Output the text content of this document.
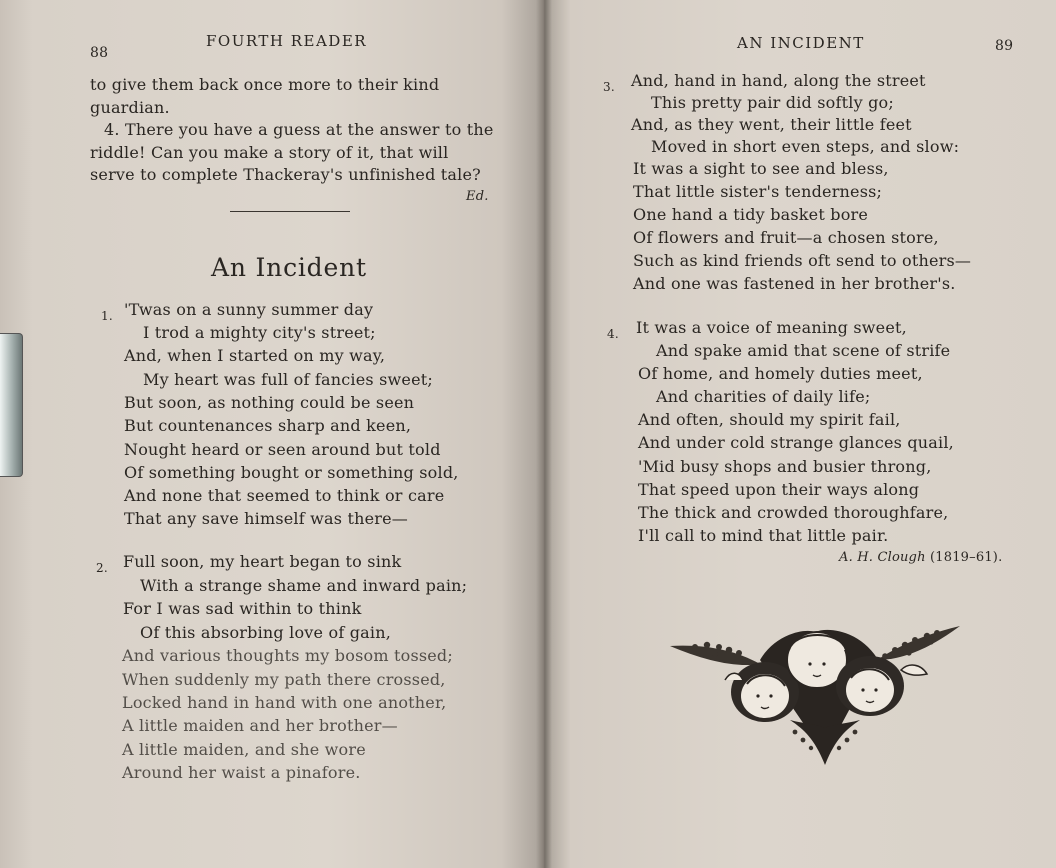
88
FOURTH READER
to give them back once more to their kind
guardian.
4. There you have a guess at the answer to the
riddle! Can you make a story of it, that will
serve to complete Thackeray's unfinished tale?
Ed.
An Incident
1. 'Twas on a sunny summer day
I trod a mighty city's street;
And, when I started on my way,
My heart was full of fancies sweet;
But soon, as nothing could be seen
But countenances sharp and keen,
Nought heard or seen around but told
Of something bought or something sold,
And none that seemed to think or care
That any save himself was there—
2. Full soon, my heart began to sink
With a strange shame and inward pain;
For I was sad within to think
Of this absorbing love of gain,
And various thoughts my bosom tossed;
When suddenly my path there crossed,
Locked hand in hand with one another,
A little maiden and her brother—
A little maiden, and she wore
Around her waist a pinafore.
AN INCIDENT	89
3. And, hand in hand, along the street
This pretty pair did softly go;
And, as they went, their little feet
Moved in short even steps, and slow:
It was a sight to see and bless,
That little sister's tenderness;
One hand a tidy basket bore
Of flowers and fruit—a chosen store,
Such as kind friends oft send to others—
And one was fastened in her brother's.
4. It was a voice of meaning sweet,
And spake amid that scene of strife
Of home, and homely duties meet,
And charities of daily life;
And often, should my spirit fail,
And under cold strange glances quail,
'Mid busy shops and busier throng,
That speed upon their ways along
The thick and crowded thoroughfare,
I'll call to mind that little pair.
A. H. Clough (1819–61).
